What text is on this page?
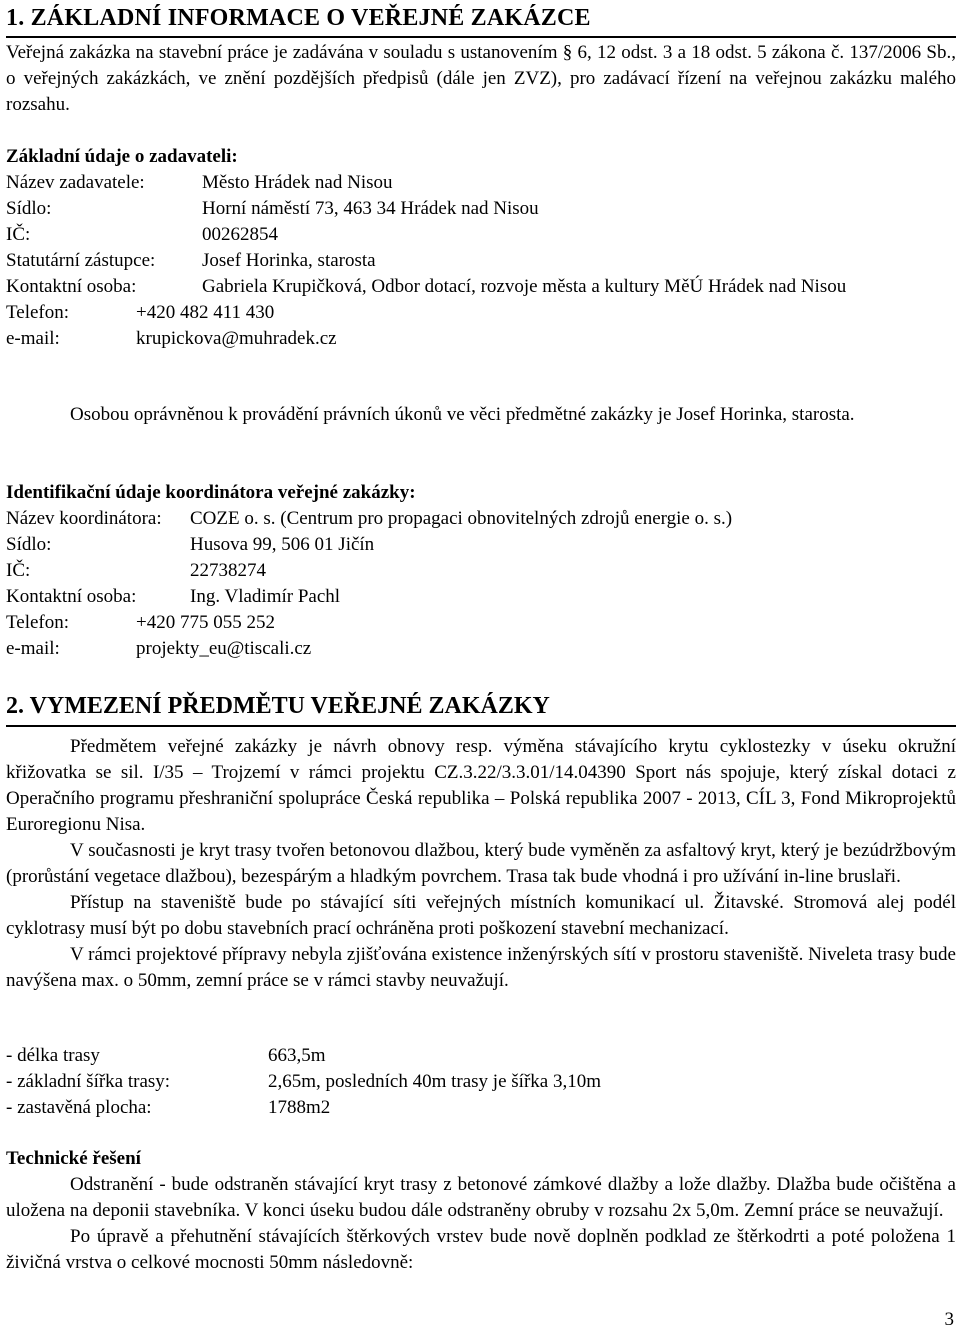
1. ZÁKLADNÍ INFORMACE O VEŘEJNÉ ZAKÁZCE

Veřejná zakázka na stavební práce je zadávána v souladu s ustanovením § 6, 12 odst. 3 a 18 odst. 5 zákona č. 137/2006 Sb., o veřejných zakázkách, ve znění pozdějších předpisů (dále jen ZVZ), pro zadávací řízení na veřejnou zakázku malého rozsahu.

Základní údaje o zadavateli:
Název zadavatele:	Město Hrádek nad Nisou
Sídlo:	Horní náměstí 73, 463 34 Hrádek nad Nisou
IČ:	00262854
Statutární zástupce: Josef Horinka, starosta
Kontaktní osoba:	Gabriela Krupičková, Odbor dotací, rozvoje města a kultury MěÚ Hrádek nad Nisou
Telefon:	+420 482 411 430
e-mail:	krupickova@muhradek.cz

Osobou oprávněnou k provádění právních úkonů ve věci předmětné zakázky je Josef Horinka, starosta.

Identifikační údaje koordinátora veřejné zakázky:
Název koordinátora: COZE o. s. (Centrum pro propagaci obnovitelných zdrojů energie o. s.)
Sídlo:	Husova 99, 506 01 Jičín
IČ:	22738274
Kontaktní osoba:	Ing. Vladimír Pachl
Telefon:	+420 775 055 252
e-mail:	projekty_eu@tiscali.cz
2. VYMEZENÍ PŘEDMĚTU VEŘEJNÉ ZAKÁZKY

Předmětem veřejné zakázky je návrh obnovy resp. výměna stávajícího krytu cyklostezky v úseku okružní křižovatka se sil. I/35 – Trojzemí v rámci projektu CZ.3.22/3.3.01/14.04390 Sport nás spojuje, který získal dotaci z Operačního programu přeshraniční spolupráce Česká republika – Polská republika 2007 - 2013, CÍL 3, Fond Mikroprojektů Euroregionu Nisa.

V současnosti je kryt trasy tvořen betonovou dlažbou, který bude vyměněn za asfaltový kryt, který je bezúdržbovým (prorůstání vegetace dlažbou), bezespárým a hladkým povrchem. Trasa tak bude vhodná i pro užívání in-line bruslaři.

Přístup na staveniště bude po stávající síti veřejných místních komunikací ul. Žitavské. Stromová alej podél cyklotrasy musí být po dobu stavebních prací ochráněna proti poškození stavební mechanizací.

V rámci projektové přípravy nebyla zjišťována existence inženýrských sítí v prostoru staveniště. Niveleta trasy bude navýšena max. o 50mm, zemní práce se v rámci stavby neuvažují.

- délka trasy	663,5m
- základní šířka trasy:	2,65m, posledních 40m trasy je šířka 3,10m
- zastavěná plocha:	1788m2
Technické řešení

Odstranění - bude odstraněn stávající kryt trasy z betonové zámkové dlažby a lože dlažby. Dlažba bude očištěna a uložena na deponii stavebníka. V konci úseku budou dále odstraněny obruby v rozsahu 2x 5,0m. Zemní práce se neuvažují.

Po úpravě a přehutnění stávajících štěrkových vrstev bude nově doplněn podklad ze štěrkodrti a poté položena 1 živičná vrstva o celkové mocnosti 50mm následovně:

3
